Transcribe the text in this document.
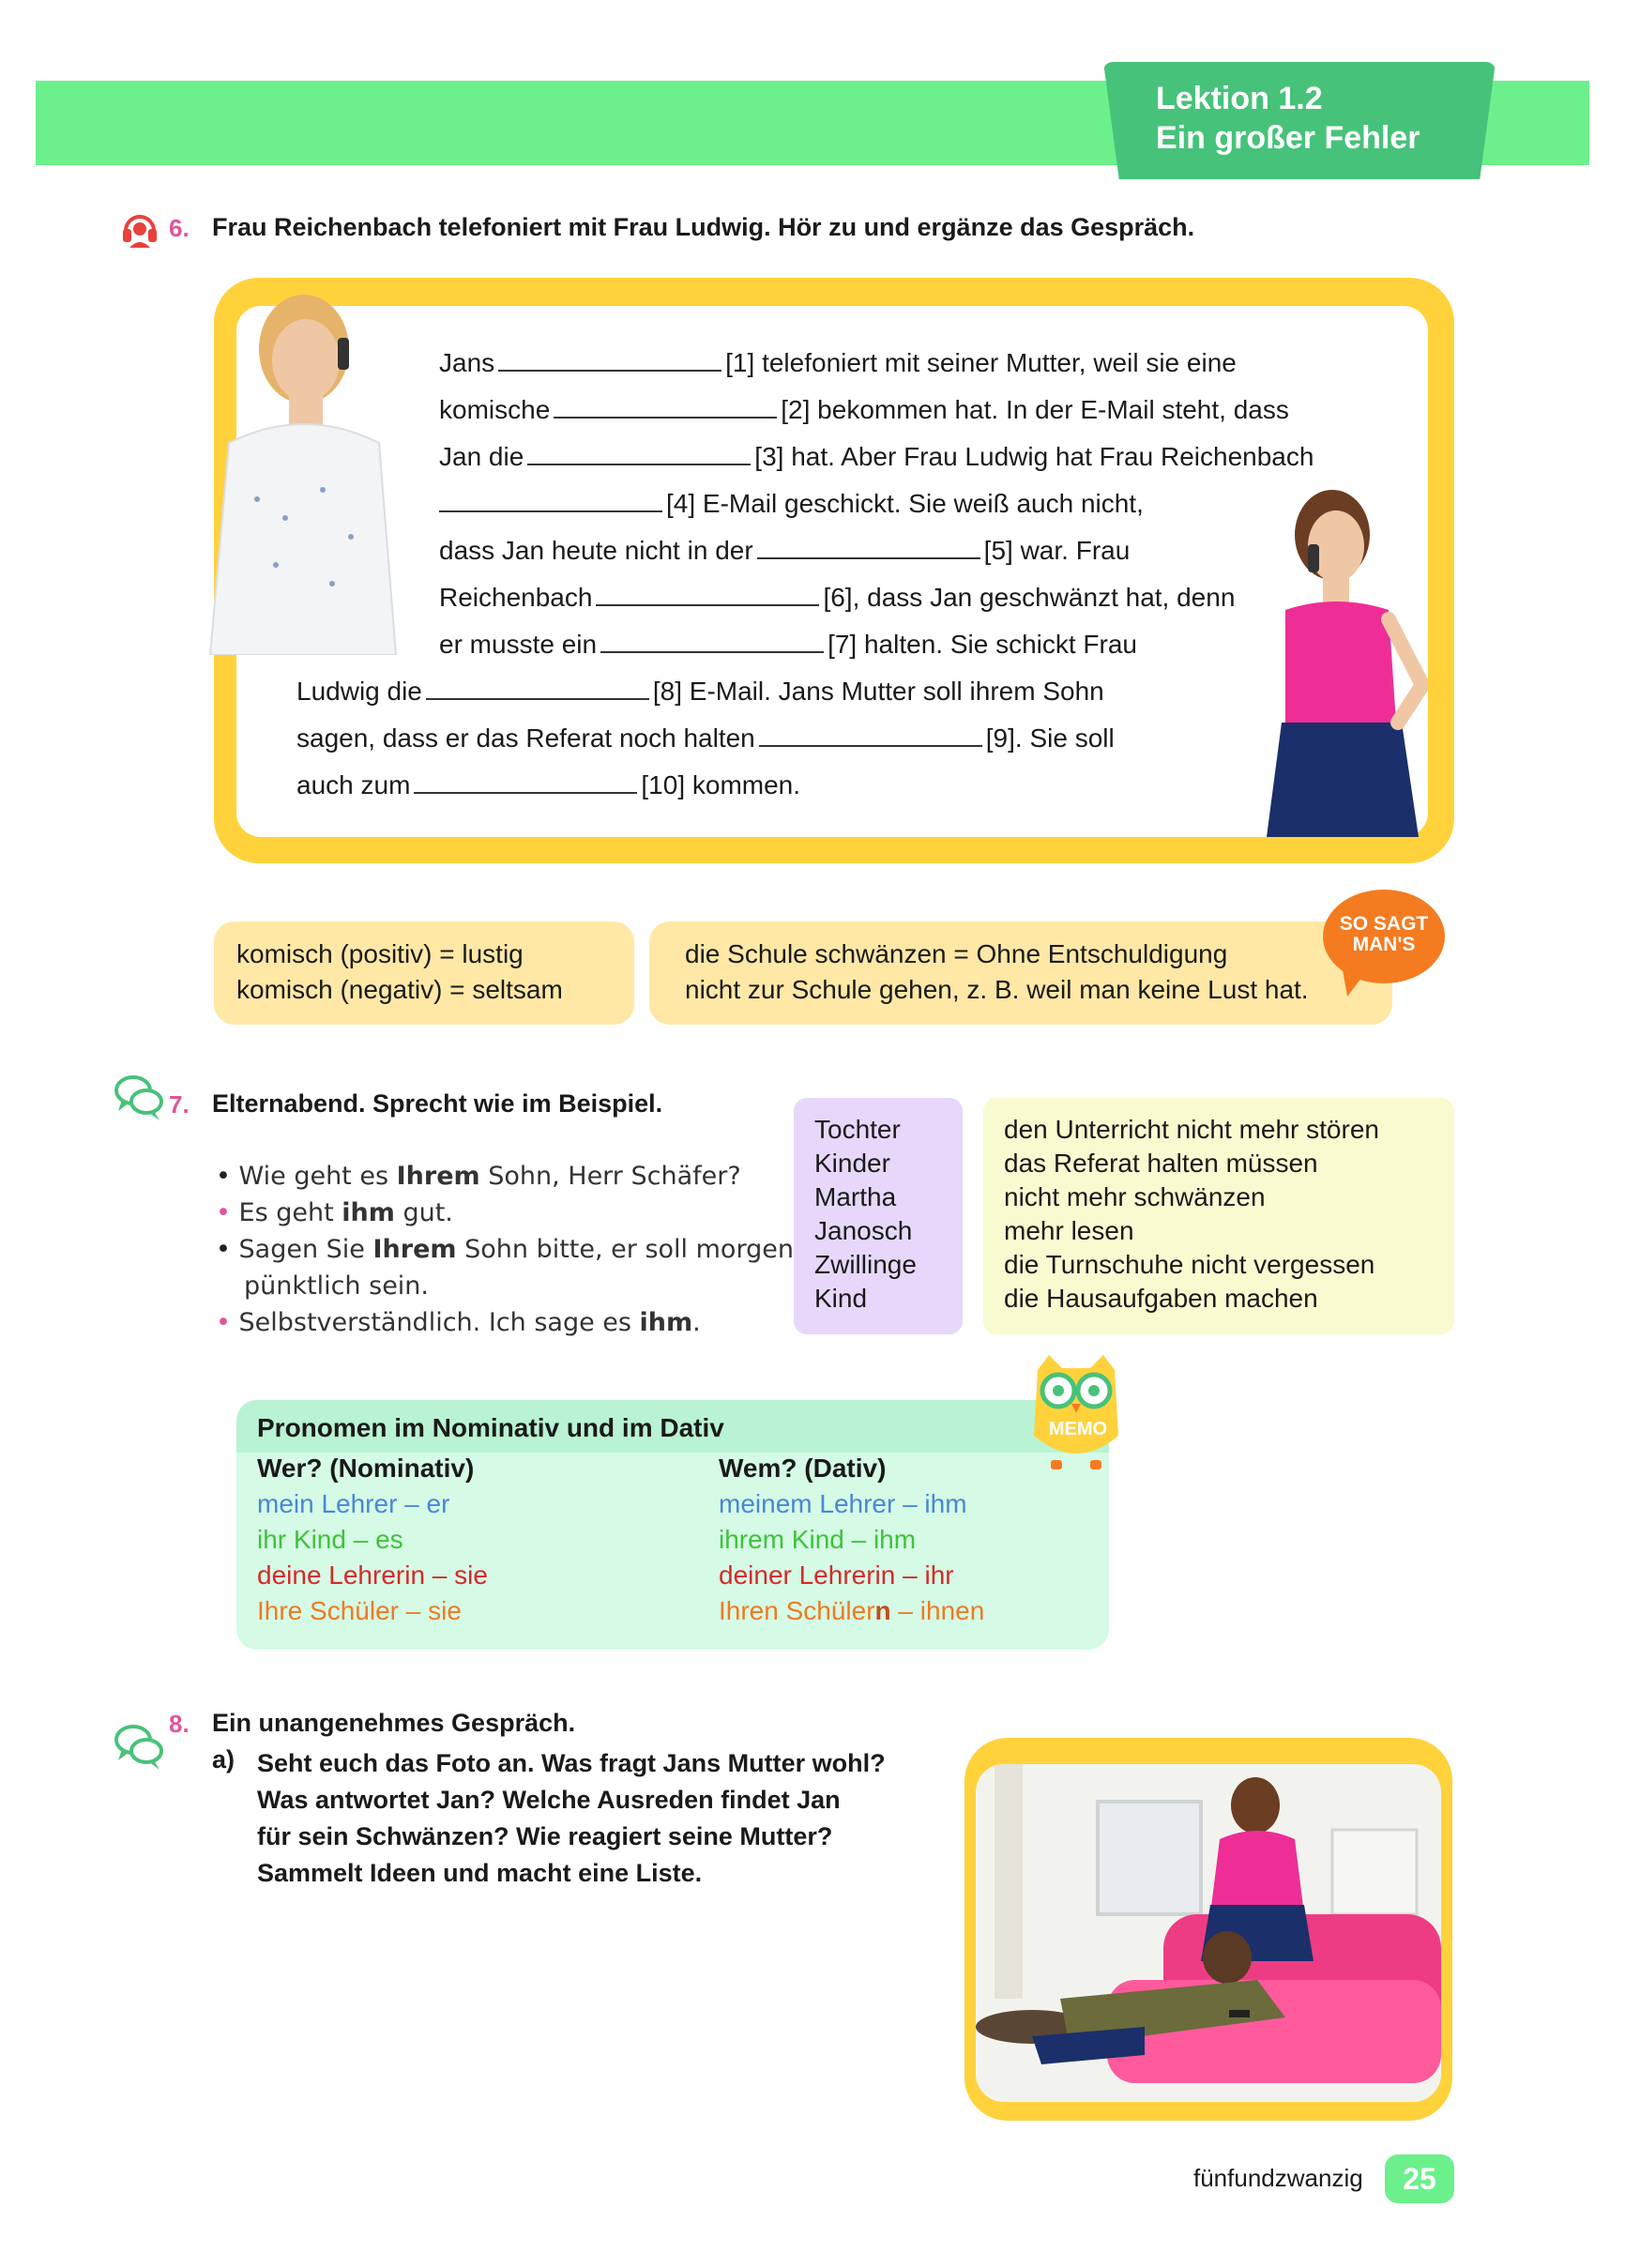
Lektion 1.2
Ein großer Fehler
6. Frau Reichenbach telefoniert mit Frau Ludwig. Hör zu und ergänze das Gespräch.
Jans	[1] telefoniert mit seiner Mutter, weil sie eine
komische	[2] bekommen hat. In der E-Mail steht, dass
Jan die	[3] hat. Aber Frau Ludwig hat Frau Reichenbach
[4] E-Mail geschickt. Sie weiß auch nicht,
dass Jan heute nicht in der	[5] war. Frau
Reichenbach	[6], dass Jan geschwänzt hat, denn
er musste ein	[7] halten. Sie schickt Frau
Ludwig die	[8] E-Mail. Jans Mutter soll ihrem Sohn
sagen, dass er das Referat noch halten	[9]. Sie soll
auch zum	[10] kommen.
komisch (positiv) = lustig
komisch (negativ) = seltsam
die Schule schwänzen = Ohne Entschuldigung
nicht zur Schule gehen, z. B. weil man keine Lust hat.
SO SAGT
MAN'S
7. Elternabend. Sprecht wie im Beispiel.
• Wie geht es Ihrem Sohn, Herr Schäfer?
• Es geht ihm gut.
• Sagen Sie Ihrem Sohn bitte, er soll morgen
pünktlich sein.
• Selbstverständlich. Ich sage es ihm.
Tochter
Kinder
Martha
Janosch
Zwillinge
Kind
den Unterricht nicht mehr stören
das Referat halten müssen
nicht mehr schwänzen
mehr lesen
die Turnschuhe nicht vergessen
die Hausaufgaben machen
Pronomen im Nominativ und im Dativ	MEMO
Wer? (Nominativ)	Wem? (Dativ)
mein Lehrer – er	meinem Lehrer – ihm
ihr Kind – es	ihrem Kind – ihm
deine Lehrerin – sie	deiner Lehrerin – ihr
Ihre Schüler – sie	Ihren Schülern – ihnen
8. Ein unangenehmes Gespräch.
a) Seht euch das Foto an. Was fragt Jans Mutter wohl?
Was antwortet Jan? Welche Ausreden findet Jan
für sein Schwänzen? Wie reagiert seine Mutter?
Sammelt Ideen und macht eine Liste.
fünfundzwanzig	25
